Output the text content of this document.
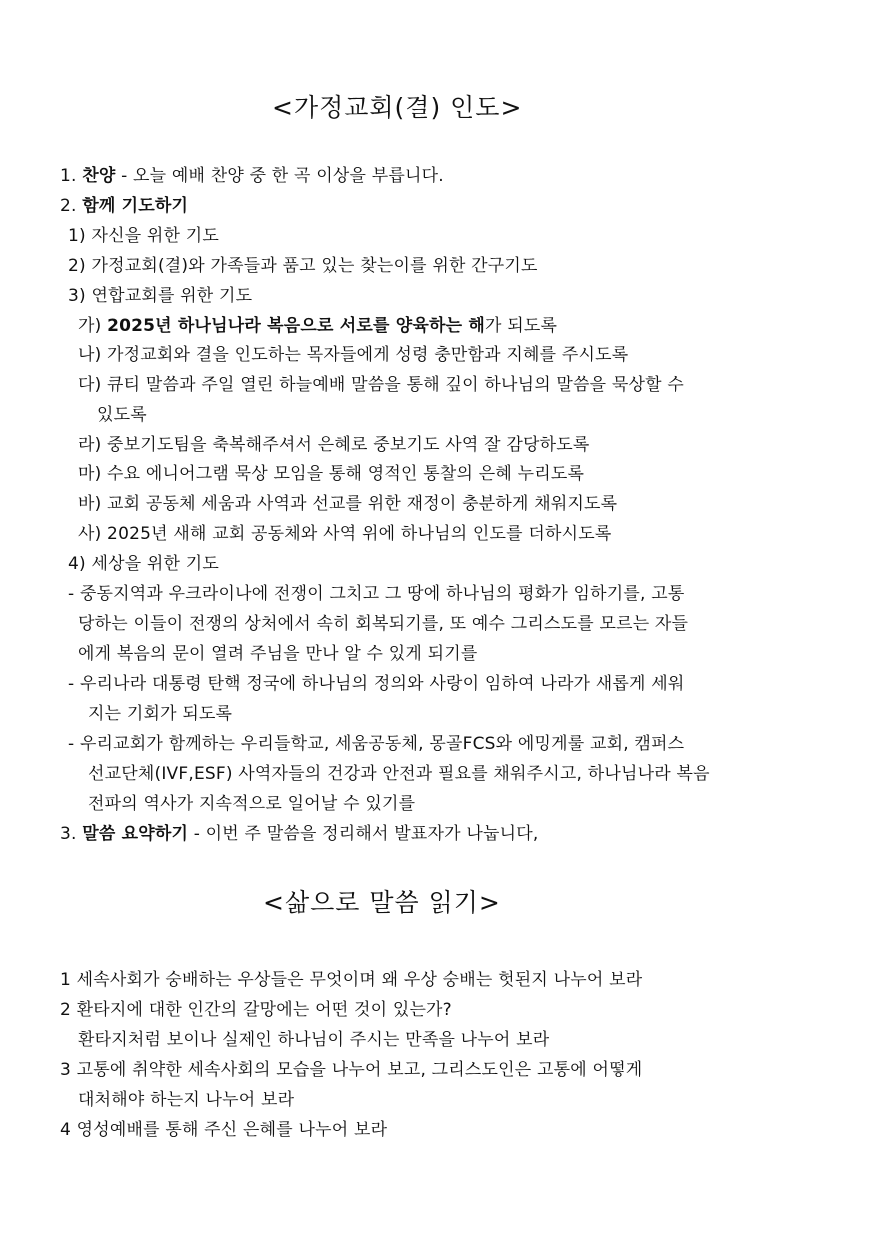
<가정교회(결) 인도>
1. 찬양 - 오늘 예배 찬양 중 한 곡 이상을 부릅니다.
2. 함께 기도하기
1) 자신을 위한 기도
2) 가정교회(결)와 가족들과 품고 있는 찾는이를 위한 간구기도
3) 연합교회를 위한 기도
가) 2025년 하나님나라 복음으로 서로를 양육하는 해가 되도록
나) 가정교회와 결을 인도하는 목자들에게 성령 충만함과 지혜를 주시도록
다) 큐티 말씀과 주일 열린 하늘예배 말씀을 통해 깊이 하나님의 말씀을 묵상할 수
있도록
라) 중보기도팀을 축복해주셔서 은혜로 중보기도 사역 잘 감당하도록
마) 수요 에니어그램 묵상 모임을 통해 영적인 통찰의 은혜 누리도록
바) 교회 공동체 세움과 사역과 선교를 위한 재정이 충분하게 채워지도록
사) 2025년 새해 교회 공동체와 사역 위에 하나님의 인도를 더하시도록
4) 세상을 위한 기도
- 중동지역과 우크라이나에 전쟁이 그치고 그 땅에 하나님의 평화가 임하기를, 고통
당하는 이들이 전쟁의 상처에서 속히 회복되기를, 또 예수 그리스도를 모르는 자들
에게 복음의 문이 열려 주님을 만나 알 수 있게 되기를
- 우리나라 대통령 탄핵 정국에 하나님의 정의와 사랑이 임하여 나라가 새롭게 세워
지는 기회가 되도록
- 우리교회가 함께하는 우리들학교, 세움공동체, 몽골FCS와 에밍게룰 교회, 캠퍼스
선교단체(IVF,ESF) 사역자들의 건강과 안전과 필요를 채워주시고, 하나님나라 복음
전파의 역사가 지속적으로 일어날 수 있기를
3. 말씀 요약하기 - 이번 주 말씀을 정리해서 발표자가 나눕니다,
<삶으로 말씀 읽기>
1 세속사회가 숭배하는 우상들은 무엇이며 왜 우상 숭배는 헛된지 나누어 보라
2 환타지에 대한 인간의 갈망에는 어떤 것이 있는가?
환타지처럼 보이나 실제인 하나님이 주시는 만족을 나누어 보라
3 고통에 취약한 세속사회의 모습을 나누어 보고, 그리스도인은 고통에 어떻게
대처해야 하는지 나누어 보라
4 영성예배를 통해 주신 은혜를 나누어 보라
